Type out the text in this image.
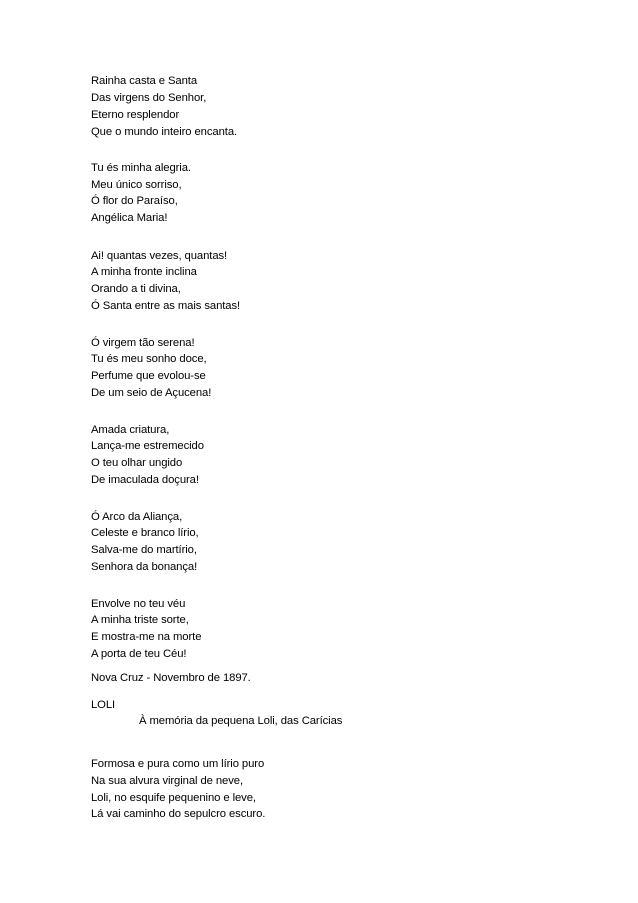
Rainha casta e Santa
Das virgens do Senhor,
Eterno resplendor
Que o mundo inteiro encanta.
Tu és minha alegria.
Meu único sorriso,
Ó flor do Paraíso,
Angélica Maria!
Ai! quantas vezes, quantas!
A minha fronte inclina
Orando a ti divina,
Ó Santa entre as mais santas!
Ó virgem tão serena!
Tu és meu sonho doce,
Perfume que evolou-se
De um seio de Açucena!
Amada criatura,
Lança-me estremecido
O teu olhar ungido
De imaculada doçura!
Ó Arco da Aliança,
Celeste e branco lírio,
Salva-me do martírio,
Senhora da bonança!
Envolve no teu véu
A minha triste sorte,
E mostra-me na morte
A porta de teu Céu!
Nova Cruz - Novembro de 1897.
LOLI
À memória da pequena Loli, das Carícias
Formosa e pura como um lírio puro
Na sua alvura virginal de neve,
Loli, no esquife pequenino e leve,
Lá vai caminho do sepulcro escuro.
